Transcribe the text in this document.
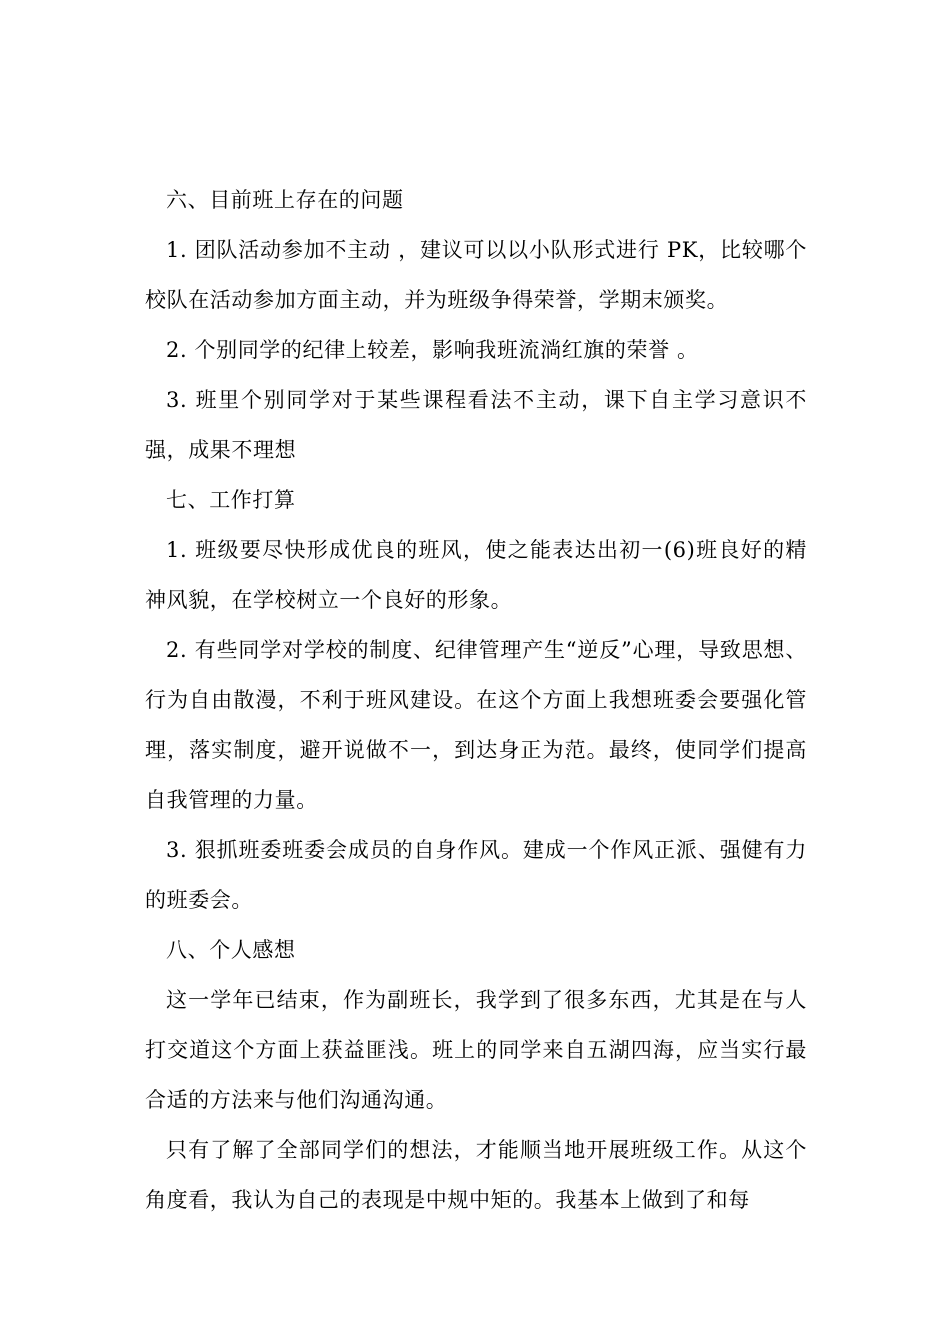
六、目前班上存在的问题

1. 团队活动参加不主动 ，建议可以以小队形式进行 PK，比较哪个校队在活动参加方面主动，并为班级争得荣誉，学期末颁奖。

2. 个别同学的纪律上较差，影响我班流淌红旗的荣誉 。

3. 班里个别同学对于某些课程看法不主动，课下自主学习意识不强，成果不理想

七、工作打算

1. 班级要尽快形成优良的班风，使之能表达出初一(6)班良好的精神风貌，在学校树立一个良好的形象。

2. 有些同学对学校的制度、纪律管理产生“逆反”心理，导致思想、行为自由散漫，不利于班风建设。在这个方面上我想班委会要强化管理，落实制度，避开说做不一，到达身正为范。最终，使同学们提高自我管理的力量。

3. 狠抓班委班委会成员的自身作风。建成一个作风正派、强健有力的班委会。

八、个人感想

这一学年已结束，作为副班长，我学到了很多东西，尤其是在与人打交道这个方面上获益匪浅。班上的同学来自五湖四海，应当实行最合适的方法来与他们沟通沟通。

只有了解了全部同学们的想法，才能顺当地开展班级工作。从这个角度看，我认为自己的表现是中规中矩的。我基本上做到了和每
